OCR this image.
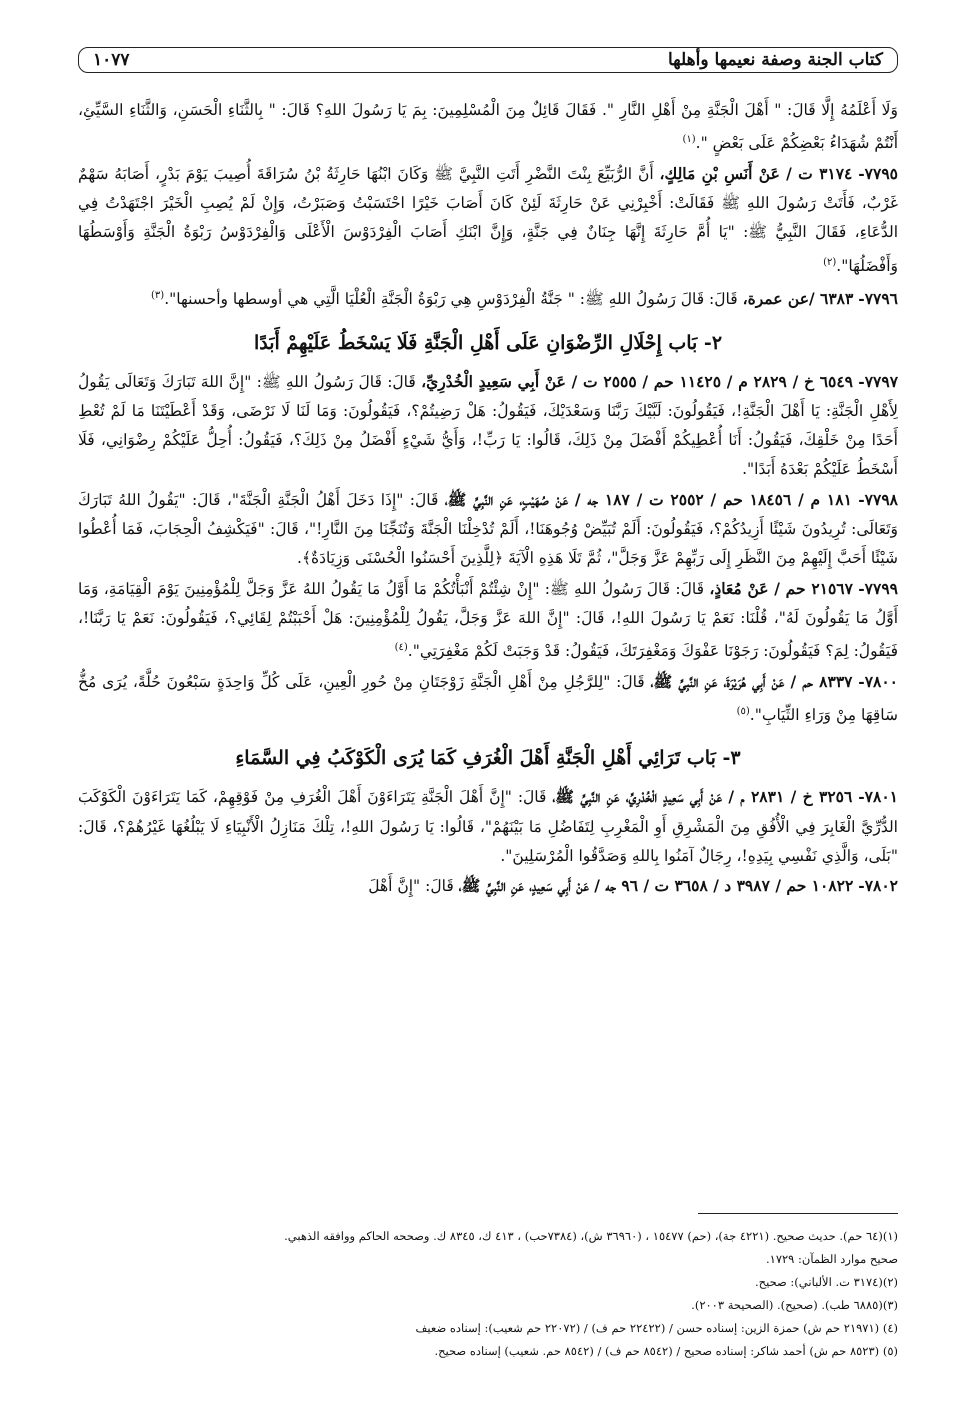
كتاب الجنة وصفة نعيمها وأهلها
١٠٧٧

وَلَا أَعْلَمُهُ إِلَّا قَالَ: " أَهْلَ الْجَنَّةِ مِنْ أَهْلِ النَّارِ ". فَقَالَ قَائِلٌ مِنَ الْمُسْلِمِينَ: بِمَ يَا رَسُولَ اللهِ؟ قَالَ: " بِالثَّنَاءِ الْحَسَنِ، وَالثَّنَاءِ السَّيِّئِ، أَنْتُمْ شُهَدَاءُ بَعْضِكُمْ عَلَى بَعْضٍ ".$^{(١)}$

٧٧٩٥- ٣١٧٤ ت / عَنْ أَنَسِ بْنِ مَالِكٍ، أَنَّ الرُّبَيِّعَ بِنْتَ النَّضْرِ أَتَتِ النَّبِيَّ ﷺ وَكَانَ ابْنُهَا حَارِثَةُ بْنُ سُرَاقَةَ أُصِيبَ يَوْمَ بَدْرٍ، أَصَابَهُ سَهْمٌ غَرْبٌ، فَأَتَتْ رَسُولَ اللهِ ﷺ فَقَالَتْ: أَخْبِرْنِي عَنْ حَارِثَةَ لَئِنْ كَانَ أَصَابَ خَيْرًا احْتَسَبْتُ وَصَبَرْتُ، وَإِنْ لَمْ يُصِبِ الْخَيْرَ اجْتَهَدْتُ فِي الدُّعَاءِ، فَقَالَ النَّبِيُّ ﷺ: "يَا أُمَّ حَارِثَةَ إِنَّهَا جِنَانٌ فِي جَنَّةٍ، وَإِنَّ ابْنَكِ أَصَابَ الْفِرْدَوْسَ الْأَعْلَى وَالْفِرْدَوْسُ رَبْوَةُ الْجَنَّةِ وَأَوْسَطُهَا وَأَفْضَلُهَا".$^{(٢)}$

٧٧٩٦- ٦٣٨٣ /عن عمرة، قَالَ: قَالَ رَسُولُ اللهِ ﷺ: " جَنَّةُ الْفِرْدَوْسِ هِي رَبْوَةُ الْجَنَّةِ الْعُلْيَا الَّتِي هي أوسطها وأحسنها".$^{(٣)}$

٢- بَاب إِحْلَالِ الرِّضْوَانِ عَلَى أَهْلِ الْجَنَّةِ فَلَا يَسْخَطُ عَلَيْهِمْ أَبَدًا

٧٧٩٧- ٦٥٤٩ خ / ٢٨٢٩ م / ١١٤٢٥ حم / ٢٥٥٥ ت / عَنْ أَبِي سَعِيدٍ الْخُدْرِيِّ، قَالَ: قَالَ رَسُولُ اللهِ ﷺ: "إِنَّ اللهَ تَبَارَكَ وَتَعَالَى يَقُولُ لِأَهْلِ الْجَنَّةِ: يَا أَهْلَ الْجَنَّةِ!، فَيَقُولُونَ: لَبَّيْكَ رَبَّنَا وَسَعْدَيْكَ، فَيَقُولُ: هَلْ رَضِيتُمْ؟، فَيَقُولُونَ: وَمَا لَنَا لَا نَرْضَى، وَقَدْ أَعْطَيْتَنَا مَا لَمْ تُعْطِ أَحَدًا مِنْ خَلْقِكَ، فَيَقُولُ: أَنَا أُعْطِيكُمْ أَفْضَلَ مِنْ ذَلِكَ، قَالُوا: يَا رَبِّ!، وَأَيُّ شَيْءٍ أَفْضَلُ مِنْ ذَلِكَ؟، فَيَقُولُ: أُحِلُّ عَلَيْكُمْ رِضْوَانِي، فَلَا أَسْخَطُ عَلَيْكُمْ بَعْدَهُ أَبَدًا".

٧٧٩٨- ١٨١ م / ١٨٤٥٦ حم / ٢٥٥٢ ت / ١٨٧ جه / عَنْ صُهَيْبٍ، عَنِ النَّبِيِّ ﷺ، قَالَ: "إِذَا دَخَلَ أَهْلُ الْجَنَّةِ الْجَنَّةَ"، قَالَ: "يَقُولُ اللهُ تَبَارَكَ وَتَعَالَى: تُرِيدُونَ شَيْئًا أَزِيدُكُمْ؟، فَيَقُولُونَ: أَلَمْ تُبَيِّضْ وُجُوهَنَا!، أَلَمْ تُدْخِلْنَا الْجَنَّةَ وَتُنَجِّنَا مِنَ النَّارِ!"، قَالَ: "فَيَكْشِفُ الْحِجَابَ، فَمَا أُعْطُوا شَيْئًا أَحَبَّ إِلَيْهِمْ مِنَ النَّظَرِ إِلَى رَبِّهِمْ عَزَّ وَجَلَّ"، ثُمَّ تَلَا هَذِهِ الْآيَةَ ﴿لِلَّذِينَ أَحْسَنُوا الْحُسْنَى وَزِيَادَةٌ﴾.

٧٧٩٩- ٢١٥٦٧ حم / عَنْ مُعَاذٍ، قَالَ: قَالَ رَسُولُ اللهِ ﷺ: "إِنْ شِئْتُمْ أَنْبَأْتُكُمْ مَا أَوَّلُ مَا يَقُولُ اللهُ عَزَّ وَجَلَّ لِلْمُؤْمِنِينَ يَوْمَ الْقِيَامَةِ، وَمَا أَوَّلُ مَا يَقُولُونَ لَهُ"، قُلْنَا: نَعَمْ يَا رَسُولَ اللهِ!، قَالَ: "إِنَّ اللهَ عَزَّ وَجَلَّ، يَقُولُ لِلْمُؤْمِنِينَ: هَلْ أَحْبَبْتُمْ لِقَائِي؟، فَيَقُولُونَ: نَعَمْ يَا رَبَّنَا!، فَيَقُولُ: لِمَ؟ فَيَقُولُونَ: رَجَوْنَا عَفْوَكَ وَمَغْفِرَتَكَ، فَيَقُولُ: قَدْ وَجَبَتْ لَكُمْ مَغْفِرَتِي".$^{(٤)}$

٧٨٠٠- ٨٣٣٧ حم / عَنْ أَبِي هُرَيْرَةَ، عَنِ النَّبِيِّ ﷺ، قَالَ: "لِلرَّجُلِ مِنْ أَهْلِ الْجَنَّةِ زَوْجَتَانِ مِنْ حُورِ الْعِينِ، عَلَى كُلِّ وَاحِدَةٍ سَبْعُونَ حُلَّةً، يُرَى مُخُّ سَاقِهَا مِنْ وَرَاءِ الثِّيَابِ".$^{(٥)}$

٣- بَاب تَرَائِي أَهْلِ الْجَنَّةِ أَهْلَ الْغُرَفِ كَمَا يُرَى الْكَوْكَبُ فِي السَّمَاءِ

٧٨٠١- ٣٢٥٦ خ / ٢٨٣١ م / عَنْ أَبِي سَعِيدٍ الْخُدْرِيِّ، عَنِ النَّبِيِّ ﷺ، قَالَ: "إِنَّ أَهْلَ الْجَنَّةِ يَتَرَاءَوْنَ أَهْلَ الْغُرَفِ مِنْ فَوْقِهِمْ، كَمَا يَتَرَاءَوْنَ الْكَوْكَبَ الدُّرِّيَّ الْغَابِرَ فِي الْأُفُقِ مِنَ الْمَشْرِقِ أَوِ الْمَغْرِبِ لِتَفَاضُلِ مَا بَيْنَهُمْ"، قَالُوا: يَا رَسُولَ اللهِ!، تِلْكَ مَنَازِلُ الْأَنْبِيَاءِ لَا يَبْلُغُهَا غَيْرُهُمْ؟، قَالَ: "بَلَى، وَالَّذِي نَفْسِي بِيَدِهِ!، رِجَالٌ آمَنُوا بِاللهِ وَصَدَّقُوا الْمُرْسَلِينَ".

٧٨٠٢- ١٠٨٢٢ حم / ٣٩٨٧ د / ٣٦٥٨ ت / ٩٦ جه / عَنْ أَبِي سَعِيدٍ، عَنِ النَّبِيِّ ﷺ، قَالَ: "إِنَّ أَهْلَ

(١)(٦٤ حم). حديث صحيح. (٤٢٢١ جة)، (حم) ١٥٤٧٧ ، (٣٦٩٦٠ ش)، (٧٣٨٤حب) ، ٤١٣ ك، ٨٣٤٥ ك. وصححه الحاكم ووافقه الذهبي.

صحيح موارد الظمآن: ١٧٢٩.

(٢)(٣١٧٤ ت. الألباني): صحيح.

(٣)(٦٨٨٥ طب). (صحيح). (الصحيحة ٢٠٠٣).

(٤) (٢١٩٧١ حم ش) حمزة الزين: إسناده حسن / (٢٢٤٢٢ حم ف) / (٢٢٠٧٢ حم شعيب): إسناده ضعيف

(٥) (٨٥٢٣ حم ش) أحمد شاكر: إسناده صحيح / (٨٥٤٢ حم ف) / (٨٥٤٢ حم. شعيب) إسناده صحيح.
